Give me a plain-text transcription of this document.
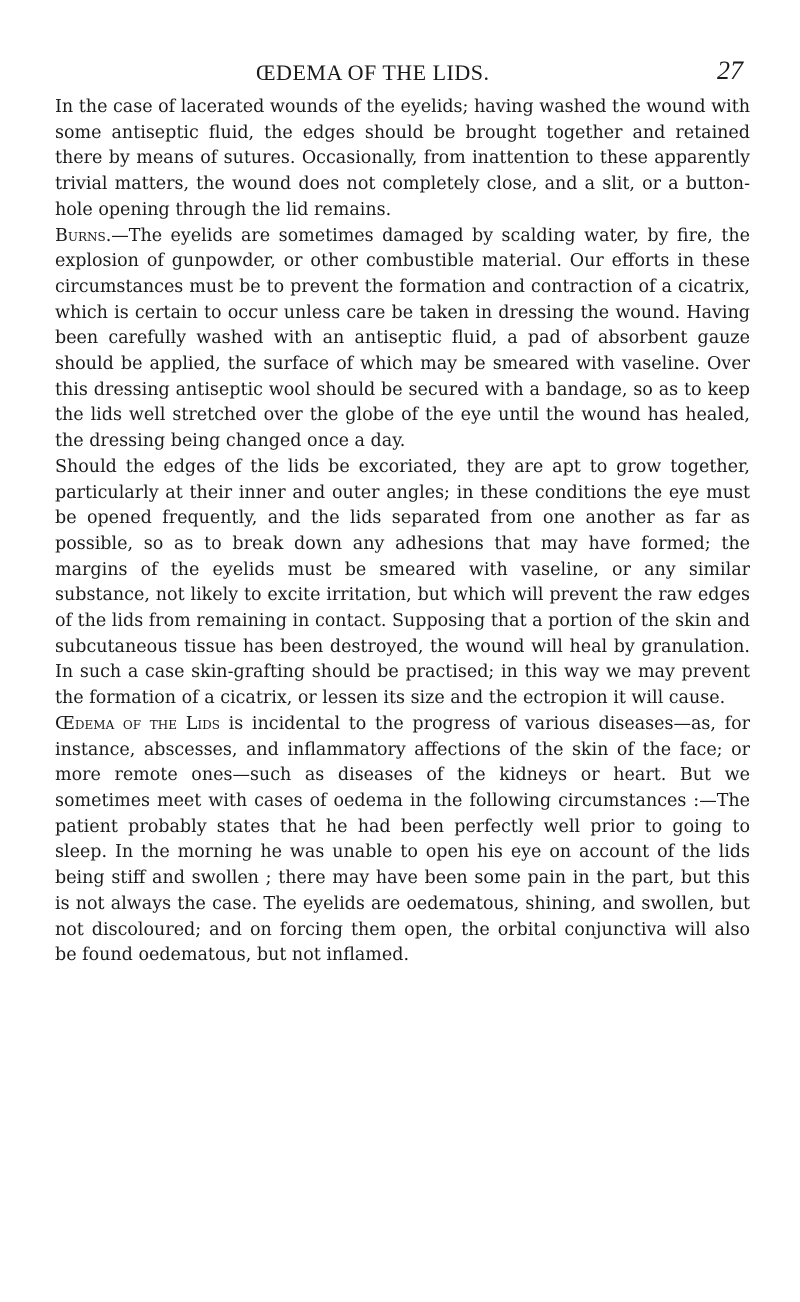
ŒDEMA OF THE LIDS.	27

In the case of lacerated wounds of the eyelids; having washed the wound with some antiseptic fluid, the edges should be brought together and retained there by means of sutures. Occasionally, from inattention to these apparently trivial matters, the wound does not completely close, and a slit, or a button-hole opening through the lid remains.

Burns.—The eyelids are sometimes damaged by scalding water, by fire, the explosion of gunpowder, or other combustible material. Our efforts in these circumstances must be to prevent the formation and contraction of a cicatrix, which is certain to occur unless care be taken in dressing the wound. Having been carefully washed with an antiseptic fluid, a pad of absorbent gauze should be applied, the surface of which may be smeared with vaseline. Over this dressing antiseptic wool should be secured with a bandage, so as to keep the lids well stretched over the globe of the eye until the wound has healed, the dressing being changed once a day.

Should the edges of the lids be excoriated, they are apt to grow together, particularly at their inner and outer angles; in these conditions the eye must be opened frequently, and the lids separated from one another as far as possible, so as to break down any adhesions that may have formed; the margins of the eyelids must be smeared with vaseline, or any similar substance, not likely to excite irritation, but which will prevent the raw edges of the lids from remaining in contact. Supposing that a portion of the skin and subcutaneous tissue has been destroyed, the wound will heal by granulation. In such a case skin-grafting should be practised; in this way we may prevent the formation of a cicatrix, or lessen its size and the ectropion it will cause.

Œdema of the Lids is incidental to the progress of various diseases—as, for instance, abscesses, and inflammatory affections of the skin of the face; or more remote ones—such as diseases of the kidneys or heart. But we sometimes meet with cases of oedema in the following circumstances :—The patient probably states that he had been perfectly well prior to going to sleep. In the morning he was unable to open his eye on account of the lids being stiff and swollen ; there may have been some pain in the part, but this is not always the case. The eyelids are oedematous, shining, and swollen, but not discoloured; and on forcing them open, the orbital conjunctiva will also be found oedematous, but not inflamed.
